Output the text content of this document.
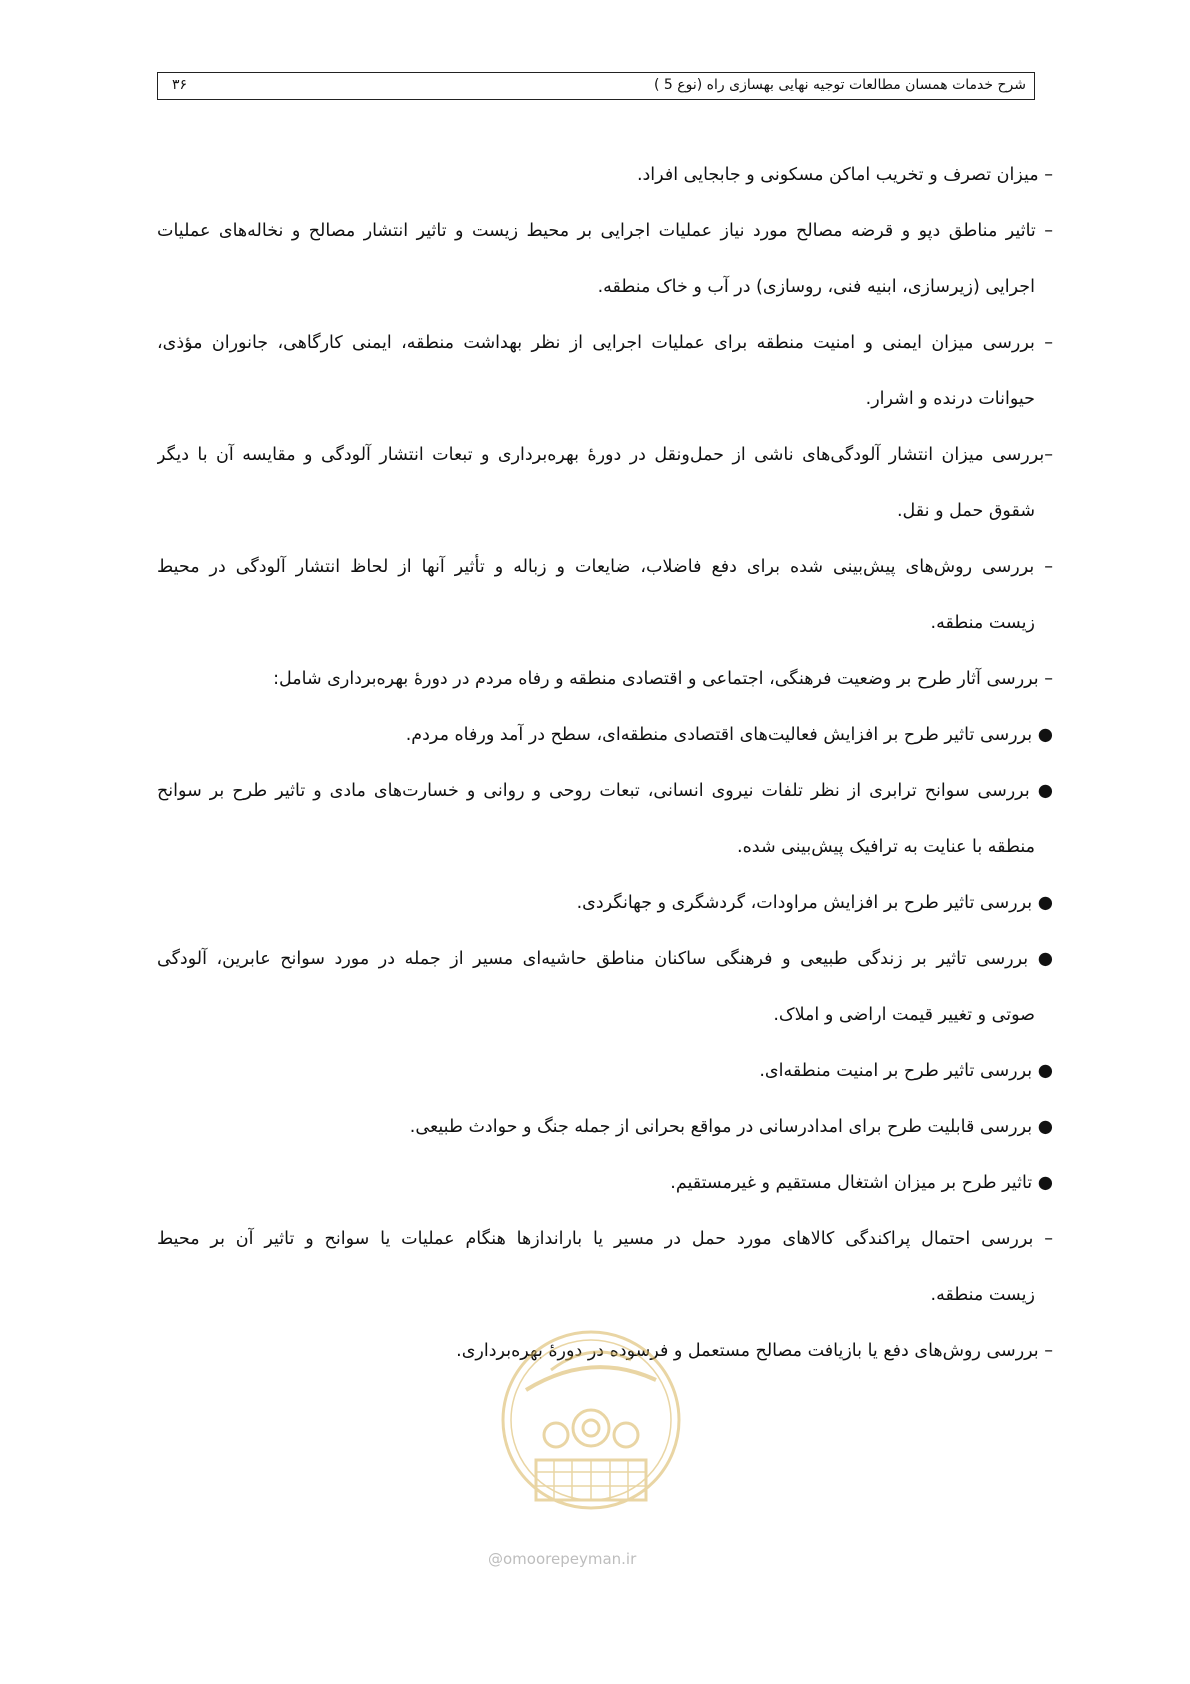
شرح خدمات همسان مطالعات توجیه نهایی بهسازی راه (نوع 5 )
۳۶
– میزان تصرف و تخریب اماکن مسکونی و جابجایی افراد.
– تاثیر مناطق دپو و قرضه مصالح مورد نیاز عملیات اجرایی بر محیط زیست و تاثیر انتشار مصالح و نخاله‌های عملیات
اجرایی (زیرسازی، ابنیه فنی، روسازی) در آب و خاک منطقه.
– بررسی میزان ایمنی و امنیت منطقه برای عملیات اجرایی از نظر بهداشت منطقه، ایمنی کارگاهی، جانوران مؤذی،
حیوانات درنده و اشرار.
–بررسی میزان انتشار آلودگی‌های ناشی از حمل‌ونقل در دورهٔ بهره‌برداری و تبعات انتشار آلودگی و مقایسه آن با دیگر
شقوق حمل و نقل.
– بررسی روش‌های پیش‌بینی شده برای دفع فاضلاب، ضایعات و زباله و تأثیر آنها از لحاظ انتشار آلودگی در محیط
زیست منطقه.
– بررسی آثار طرح بر وضعیت فرهنگی، اجتماعی و اقتصادی منطقه و رفاه مردم در دورهٔ بهره‌برداری شامل:
● بررسی تاثیر طرح بر افزایش فعالیت‌های اقتصادی منطقه‌ای، سطح در آمد ورفاه مردم.
● بررسی سوانح ترابری از نظر تلفات نیروی انسانی، تبعات روحی و روانی و خسارت‌های مادی و تاثیر طرح بر سوانح
منطقه با عنایت به ترافیک پیش‌بینی شده.
● بررسی تاثیر طرح بر افزایش مراودات، گردشگری و جهانگردی.
● بررسی تاثیر بر زندگی طبیعی و فرهنگی ساکنان مناطق حاشیه‌ای مسیر از جمله در مورد سوانح عابرین، آلودگی
صوتی و تغییر قیمت اراضی و املاک.
● بررسی تاثیر طرح بر امنیت منطقه‌ای.
● بررسی قابلیت طرح برای امدادرسانی در مواقع بحرانی از جمله جنگ و حوادث طبیعی.
● تاثیر طرح بر میزان اشتغال مستقیم و غیرمستقیم.
– بررسی احتمال پراکندگی کالاهای مورد حمل در مسیر یا باراندازها هنگام عملیات یا سوانح و تاثیر آن بر محیط
زیست منطقه.
– بررسی روش‌های دفع یا بازیافت مصالح مستعمل و فرسوده در دورهٔ بهره‌برداری.
@omoorepeyman.ir
